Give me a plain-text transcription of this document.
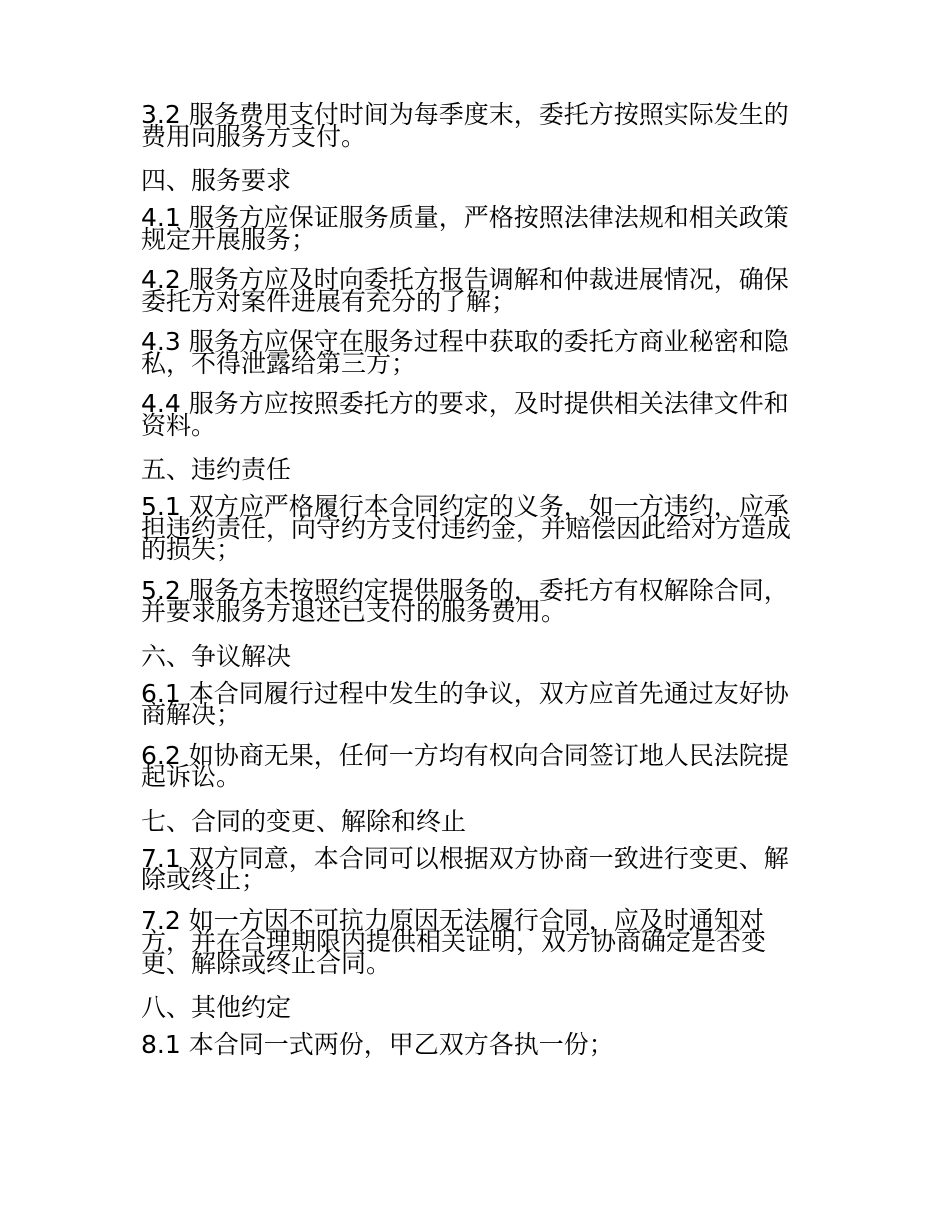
3.2 服务费用支付时间为每季度末，委托方按照实际发生的费用向服务方支付。

四、服务要求

4.1 服务方应保证服务质量，严格按照法律法规和相关政策规定开展服务；

4.2 服务方应及时向委托方报告调解和仲裁进展情况，确保委托方对案件进展有充分的了解；

4.3 服务方应保守在服务过程中获取的委托方商业秘密和隐私，不得泄露给第三方；

4.4 服务方应按照委托方的要求，及时提供相关法律文件和资料。

五、违约责任

5.1 双方应严格履行本合同约定的义务，如一方违约，应承担违约责任，向守约方支付违约金，并赔偿因此给对方造成的损失；

5.2 服务方未按照约定提供服务的，委托方有权解除合同，并要求服务方退还已支付的服务费用。

六、争议解决

6.1 本合同履行过程中发生的争议，双方应首先通过友好协商解决；

6.2 如协商无果，任何一方均有权向合同签订地人民法院提起诉讼。

七、合同的变更、解除和终止

7.1 双方同意，本合同可以根据双方协商一致进行变更、解除或终止；

7.2 如一方因不可抗力原因无法履行合同，应及时通知对方，并在合理期限内提供相关证明，双方协商确定是否变更、解除或终止合同。

八、其他约定

8.1 本合同一式两份，甲乙双方各执一份；
